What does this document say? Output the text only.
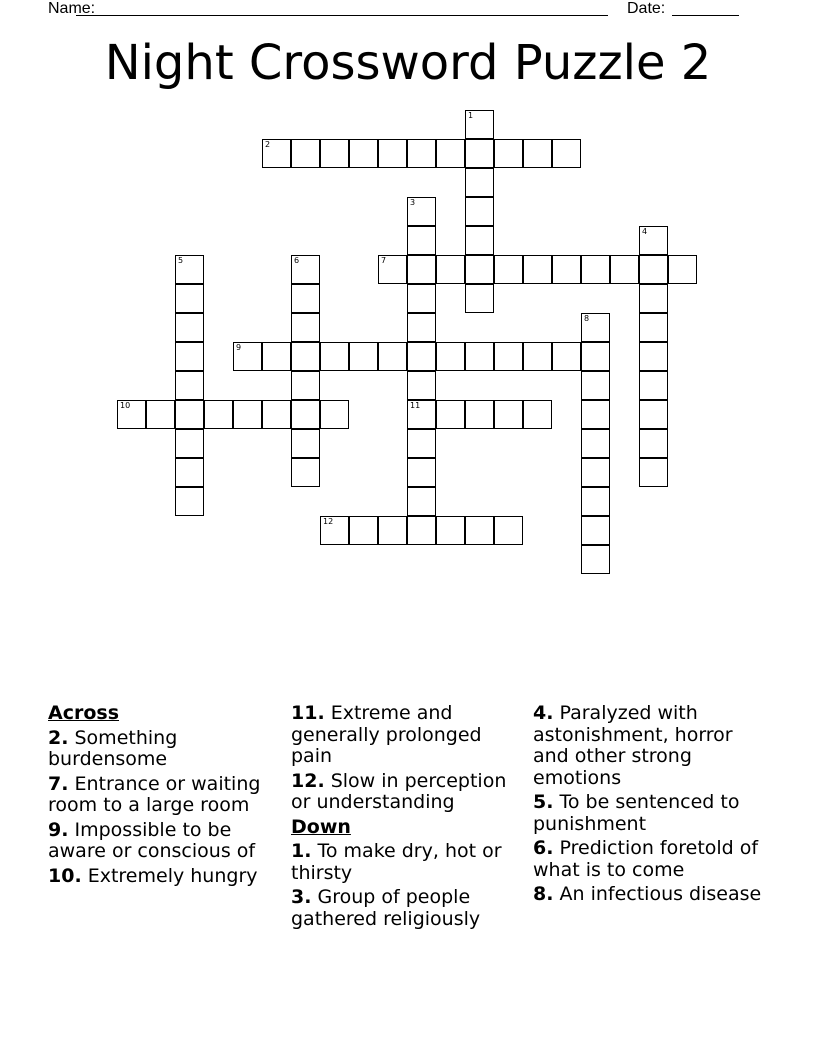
Name:	Date:
Night Crossword Puzzle 2
2
7
9
10	11
12
1
3
4
5	6
8
Across
2. Something burdensome
7. Entrance or waiting room to a large room
9. Impossible to be aware or conscious of
10. Extremely hungry
11. Extreme and generally prolonged pain
12. Slow in perception or understanding
Down
1. To make dry, hot or thirsty
3. Group of people gathered religiously
4. Paralyzed with astonishment, horror and other strong emotions
5. To be sentenced to punishment
6. Prediction foretold of what is to come
8. An infectious disease
